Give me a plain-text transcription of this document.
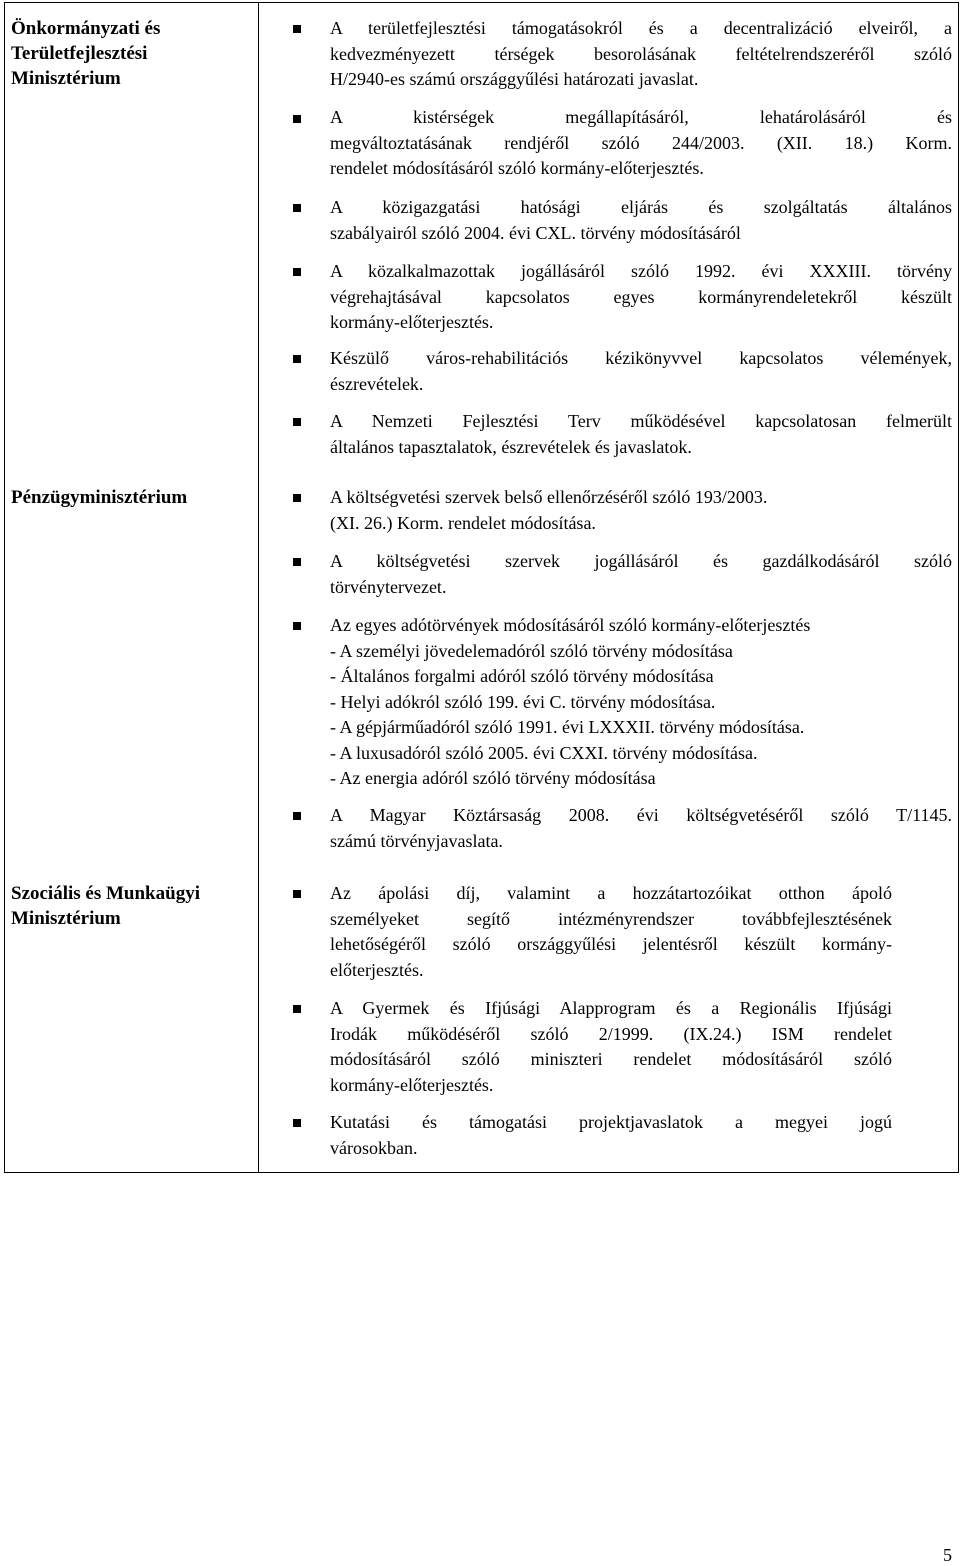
Önkormányzati és
Területfejlesztési
Minisztérium
Pénzügyminisztérium
Szociális és Munkaügyi
Minisztérium
A területfejlesztési támogatásokról és a decentralizáció elveiről, a
kedvezményezett térségek besorolásának feltételrendszeréről szóló
H/2940-es számú országgyűlési határozati javaslat.
A kistérségek megállapításáról, lehatárolásáról és
megváltoztatásának rendjéről szóló 244/2003. (XII. 18.) Korm.
rendelet módosításáról szóló kormány-előterjesztés.
A közigazgatási hatósági eljárás és szolgáltatás általános
szabályairól szóló 2004. évi CXL. törvény módosításáról
A közalkalmazottak jogállásáról szóló 1992. évi XXXIII. törvény
végrehajtásával kapcsolatos egyes kormányrendeletekről készült
kormány-előterjesztés.
Készülő város-rehabilitációs kézikönyvvel kapcsolatos vélemények,
észrevételek.
A Nemzeti Fejlesztési Terv működésével kapcsolatosan felmerült
általános tapasztalatok, észrevételek és javaslatok.
A költségvetési szervek belső ellenőrzéséről szóló 193/2003.
(XI. 26.) Korm. rendelet módosítása.
A költségvetési szervek jogállásáról és gazdálkodásáról szóló
törvénytervezet.
Az egyes adótörvények módosításáról szóló kormány-előterjesztés
- A személyi jövedelemadóról szóló törvény módosítása
- Általános forgalmi adóról szóló törvény módosítása
- Helyi adókról szóló 199. évi C. törvény módosítása.
- A gépjárműadóról szóló 1991. évi LXXXII. törvény módosítása.
- A luxusadóról szóló 2005. évi CXXI. törvény módosítása.
- Az energia adóról szóló törvény módosítása
A Magyar Köztársaság 2008. évi költségvetéséről szóló T/1145.
számú törvényjavaslata.
Az ápolási díj, valamint a hozzátartozóikat otthon ápoló
személyeket segítő intézményrendszer továbbfejlesztésének
lehetőségéről szóló országgyűlési jelentésről készült kormány-
előterjesztés.
A Gyermek és Ifjúsági Alapprogram és a Regionális Ifjúsági
Irodák működéséről szóló 2/1999. (IX.24.) ISM rendelet
módosításáról szóló miniszteri rendelet módosításáról szóló
kormány-előterjesztés.
Kutatási és támogatási projektjavaslatok a megyei jogú
városokban.
5
